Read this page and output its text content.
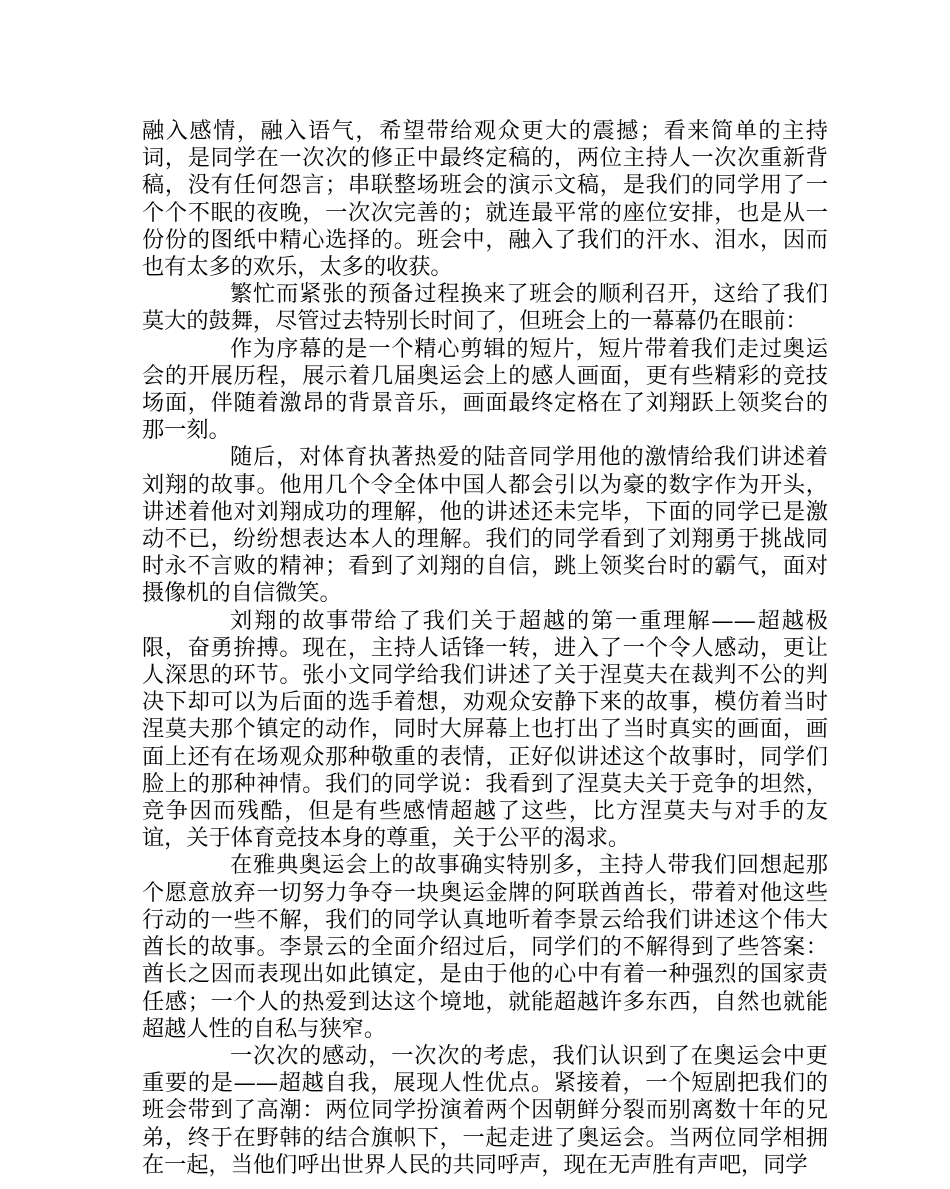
融入感情，融入语气，希望带给观众更大的震撼；看来简单的主持词，是同学在一次次的修正中最终定稿的，两位主持人一次次重新背稿，没有任何怨言；串联整场班会的演示文稿，是我们的同学用了一个个不眠的夜晚，一次次完善的；就连最平常的座位安排，也是从一份份的图纸中精心选择的。班会中，融入了我们的汗水、泪水，因而也有太多的欢乐，太多的收获。

繁忙而紧张的预备过程换来了班会的顺利召开，这给了我们莫大的鼓舞，尽管过去特别长时间了，但班会上的一幕幕仍在眼前：

作为序幕的是一个精心剪辑的短片，短片带着我们走过奥运会的开展历程，展示着几届奥运会上的感人画面，更有些精彩的竞技场面，伴随着激昂的背景音乐，画面最终定格在了刘翔跃上领奖台的那一刻。

随后，对体育执著热爱的陆音同学用他的激情给我们讲述着刘翔的故事。他用几个令全体中国人都会引以为豪的数字作为开头，讲述着他对刘翔成功的理解，他的讲述还未完毕，下面的同学已是激动不已，纷纷想表达本人的理解。我们的同学看到了刘翔勇于挑战同时永不言败的精神；看到了刘翔的自信，跳上领奖台时的霸气，面对摄像机的自信微笑。

刘翔的故事带给了我们关于超越的第一重理解——超越极限，奋勇拚搏。现在，主持人话锋一转，进入了一个令人感动，更让人深思的环节。张小文同学给我们讲述了关于涅莫夫在裁判不公的判决下却可以为后面的选手着想，劝观众安静下来的故事，模仿着当时涅莫夫那个镇定的动作，同时大屏幕上也打出了当时真实的画面，画面上还有在场观众那种敬重的表情，正好似讲述这个故事时，同学们脸上的那种神情。我们的同学说：我看到了涅莫夫关于竞争的坦然，竞争因而残酷，但是有些感情超越了这些，比方涅莫夫与对手的友谊，关于体育竞技本身的尊重，关于公平的渴求。

在雅典奥运会上的故事确实特别多，主持人带我们回想起那个愿意放弃一切努力争夺一块奥运金牌的阿联酋酋长，带着对他这些行动的一些不解，我们的同学认真地听着李景云给我们讲述这个伟大酋长的故事。李景云的全面介绍过后，同学们的不解得到了些答案：酋长之因而表现出如此镇定，是由于他的心中有着一种强烈的国家责任感；一个人的热爱到达这个境地，就能超越许多东西，自然也就能超越人性的自私与狭窄。

一次次的感动，一次次的考虑，我们认识到了在奥运会中更重要的是——超越自我，展现人性优点。紧接着，一个短剧把我们的班会带到了高潮：两位同学扮演着两个因朝鲜分裂而别离数十年的兄弟，终于在野韩的结合旗帜下，一起走进了奥运会。当两位同学相拥在一起，当他们呼出世界人民的共同呼声，现在无声胜有声吧，同学
